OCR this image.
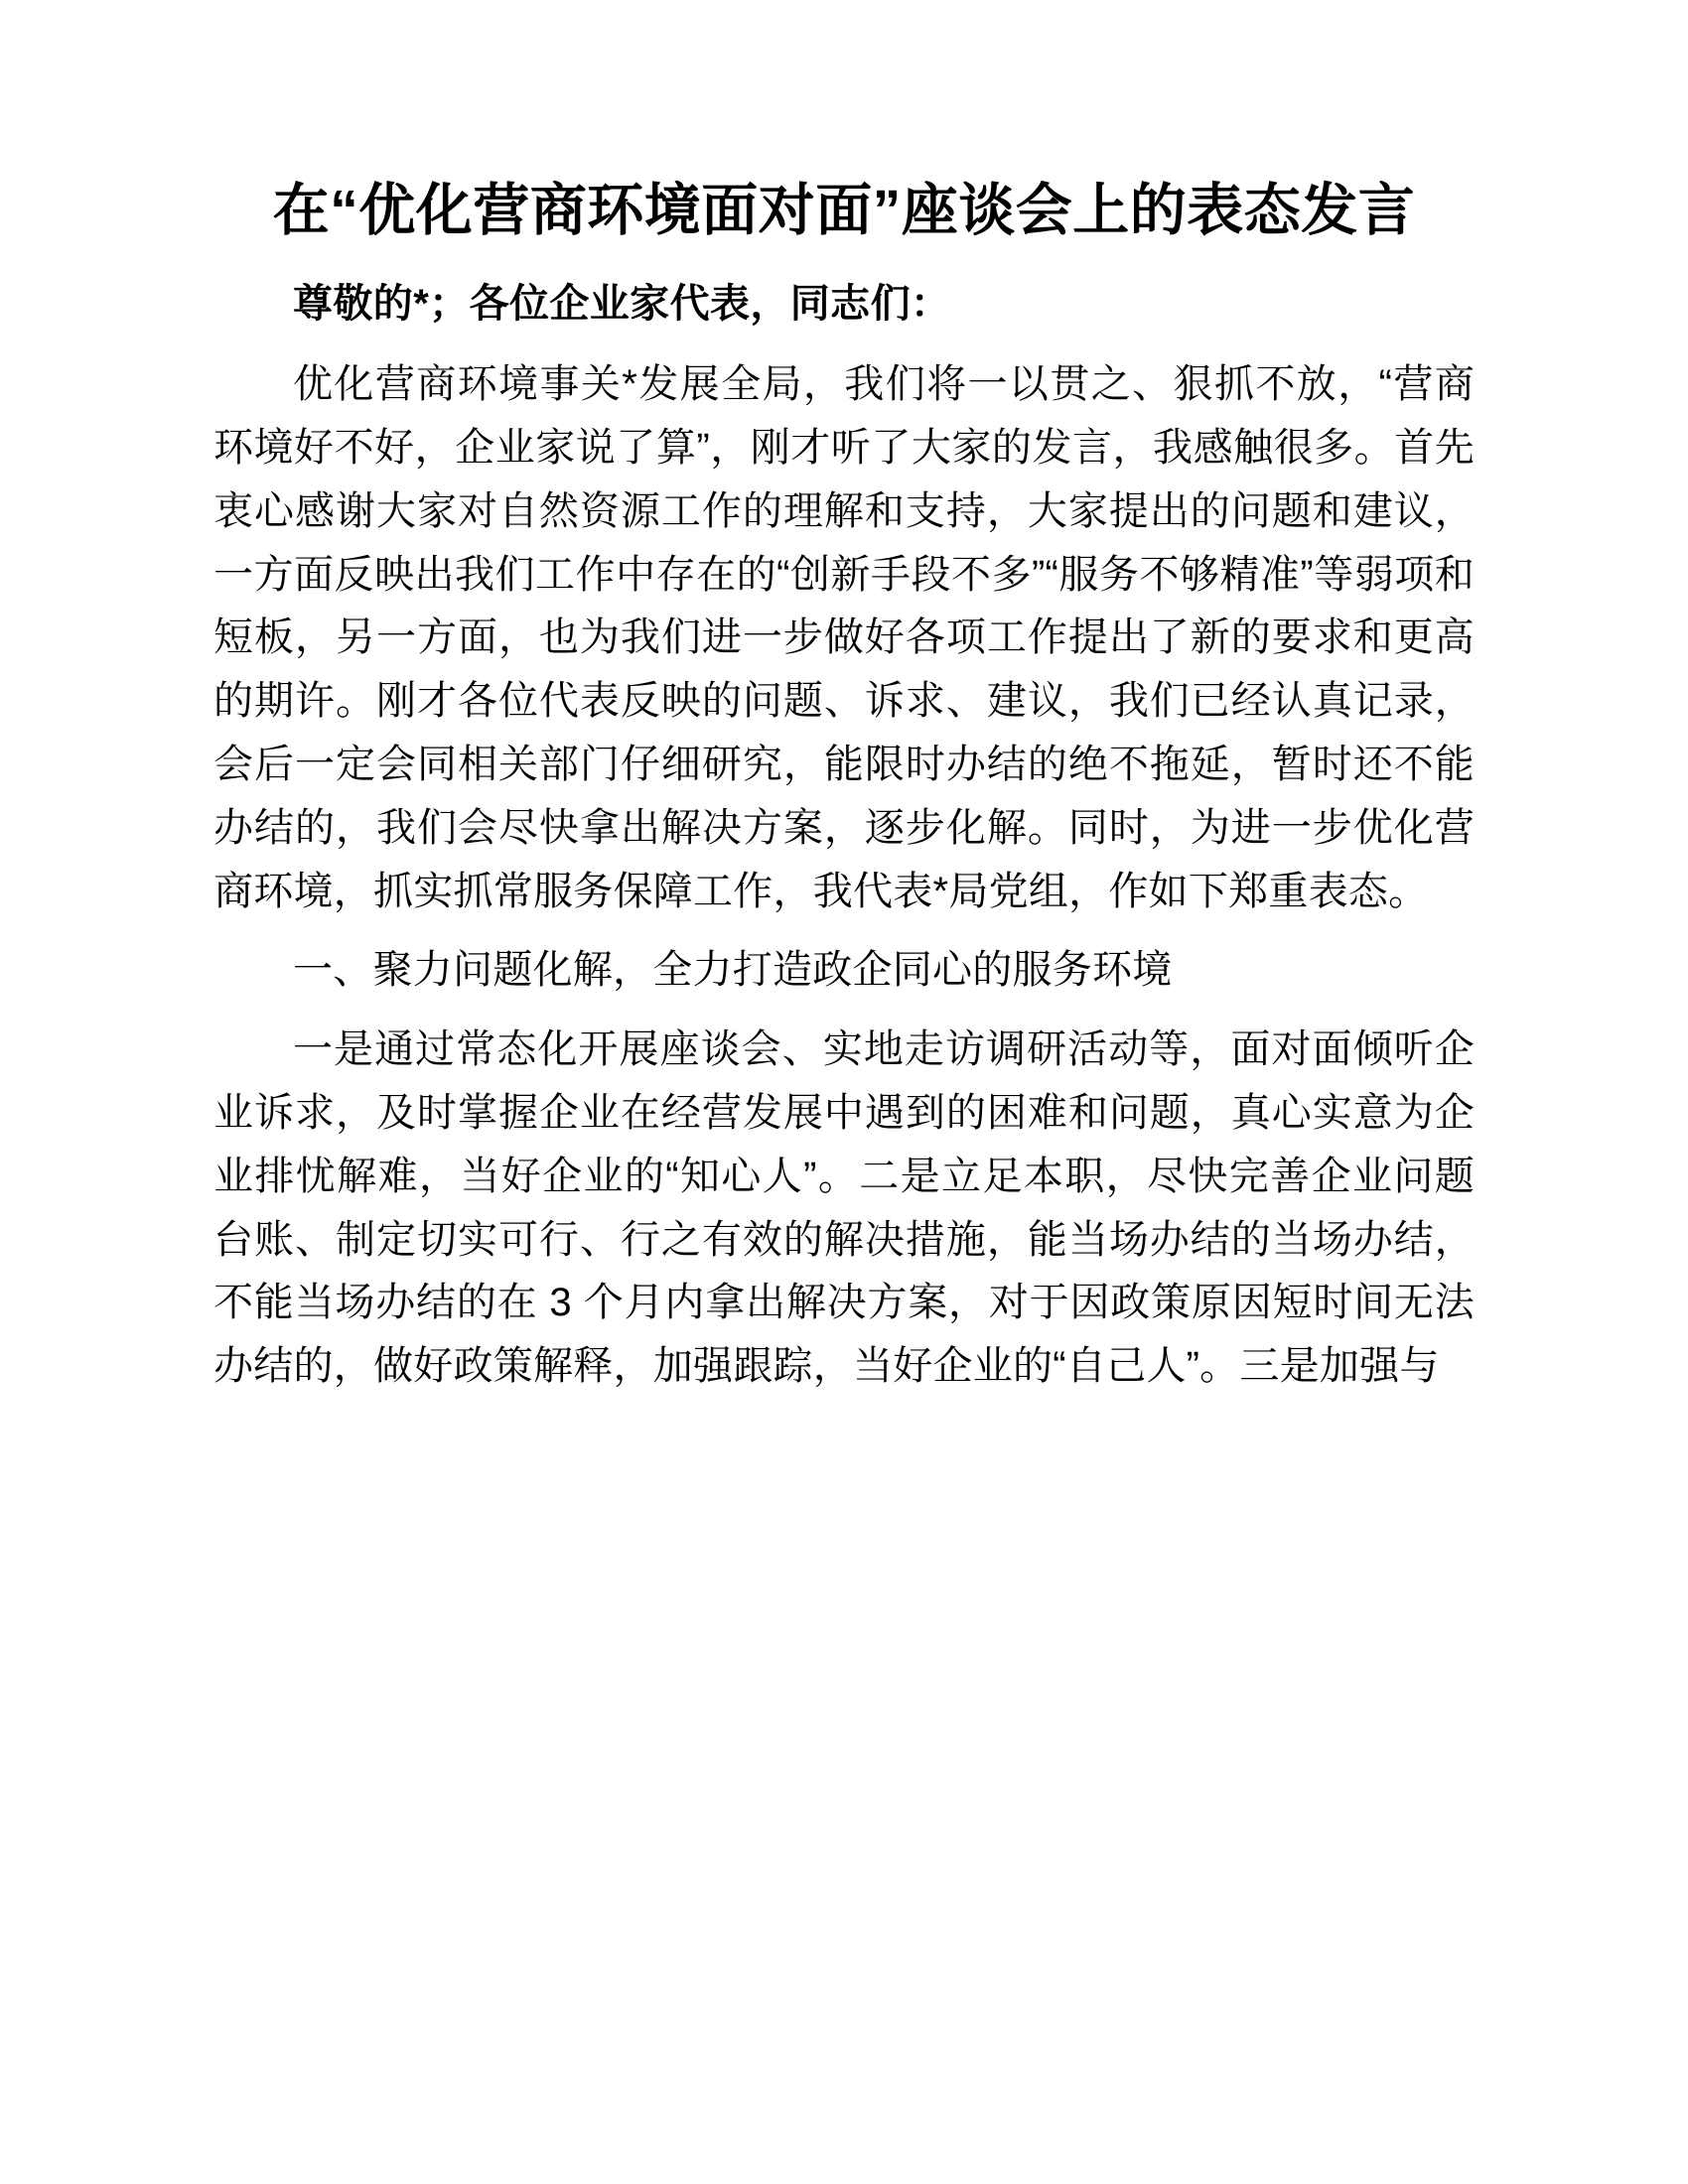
在“优化营商环境面对面”座谈会上的表态发言

尊敬的*；各位企业家代表，同志们：

优化营商环境事关*发展全局，我们将一以贯之、狠抓不放，“营商环境好不好，企业家说了算”，刚才听了大家的发言，我感触很多。首先衷心感谢大家对自然资源工作的理解和支持，大家提出的问题和建议，一方面反映出我们工作中存在的“创新手段不多”“服务不够精准”等弱项和短板，另一方面，也为我们进一步做好各项工作提出了新的要求和更高的期许。刚才各位代表反映的问题、诉求、建议，我们已经认真记录，会后一定会同相关部门仔细研究，能限时办结的绝不拖延，暂时还不能办结的，我们会尽快拿出解决方案，逐步化解。同时，为进一步优化营商环境，抓实抓常服务保障工作，我代表*局党组，作如下郑重表态。

一、聚力问题化解，全力打造政企同心的服务环境

一是通过常态化开展座谈会、实地走访调研活动等，面对面倾听企业诉求，及时掌握企业在经营发展中遇到的困难和问题，真心实意为企业排忧解难，当好企业的“知心人”。二是立足本职，尽快完善企业问题台账、制定切实可行、行之有效的解决措施，能当场办结的当场办结，不能当场办结的在 3 个月内拿出解决方案，对于因政策原因短时间无法办结的，做好政策解释，加强跟踪，当好企业的“自己人”。三是加强与
